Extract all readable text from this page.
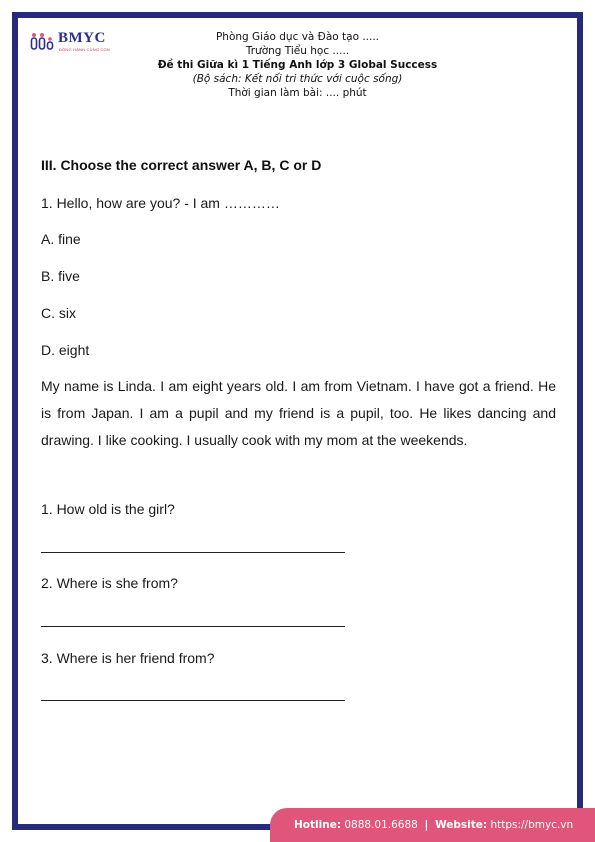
BMYC
ĐỒNG HÀNH CÙNG CON
Phòng Giáo dục và Đào tạo .....
Trường Tiểu học .....
Đề thi Giữa kì 1 Tiếng Anh lớp 3 Global Success
(Bộ sách: Kết nối tri thức với cuộc sống)
Thời gian làm bài: .... phút
III. Choose the correct answer A, B, C or D
1. Hello, how are you? - I am …………
A. fine
B. five
C. six
D. eight
My name is Linda. I am eight years old. I am from Vietnam. I have got a friend. He is from Japan. I am a pupil and my friend is a pupil, too. He likes dancing and drawing. I like cooking. I usually cook with my mom at the weekends.
1. How old is the girl?
2. Where is she from?
3. Where is her friend from?
Hotline: 0888.01.6688 | Website: https://bmyc.vn
